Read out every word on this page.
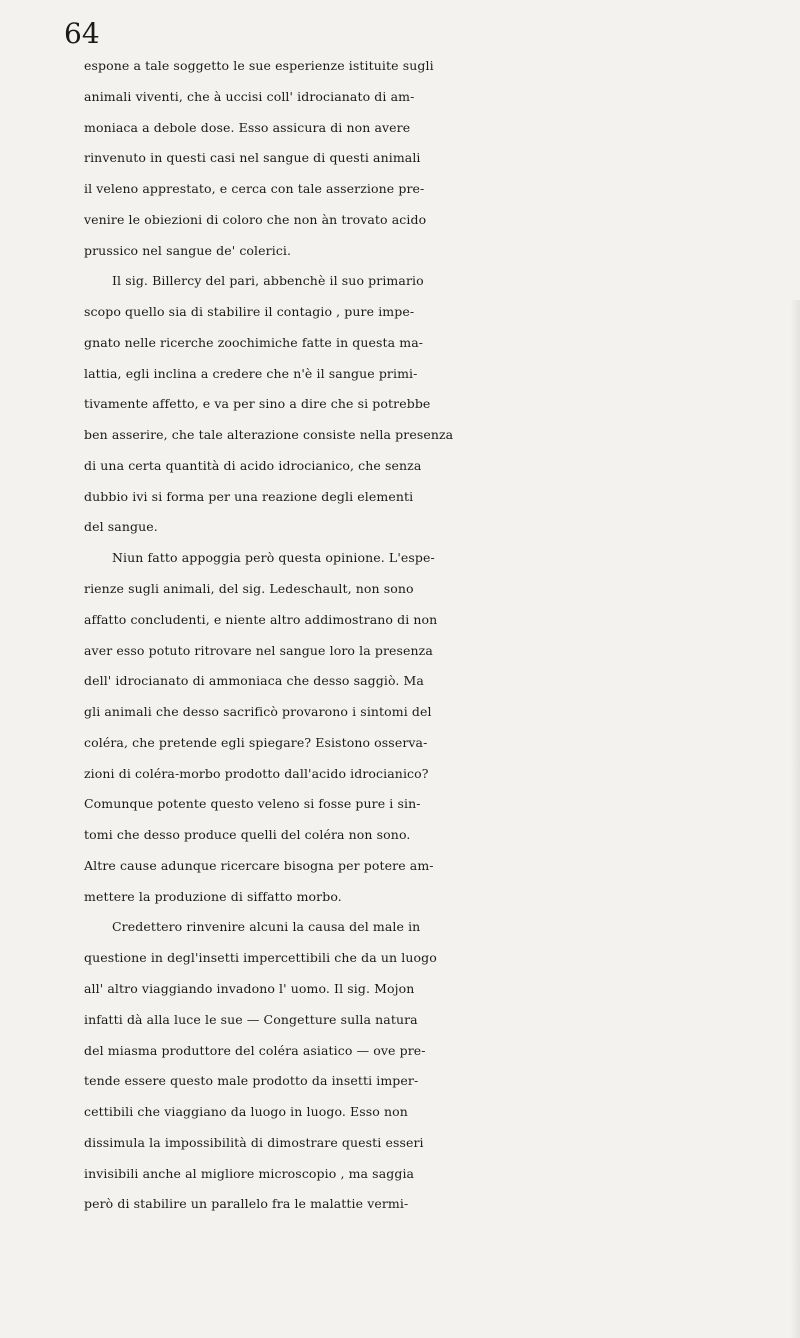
64
espone a tale soggetto le sue esperienze istituite sugli
animali viventi, che à uccisi coll' idrocianato di am-
moniaca a debole dose. Esso assicura di non avere
rinvenuto in questi casi nel sangue di questi animali
il veleno apprestato, e cerca con tale asserzione pre-
venire le obiezioni di coloro che non àn trovato acido
prussico nel sangue de' colerici.
Il sig. Billercy del pari, abbenchè il suo primario
scopo quello sia di stabilire il contagio , pure impe-
gnato nelle ricerche zoochimiche fatte in questa ma-
lattia, egli inclina a credere che n'è il sangue primi-
tivamente affetto, e va per sino a dire che si potrebbe
ben asserire, che tale alterazione consiste nella presenza
di una certa quantità di acido idrocianico, che senza
dubbio ivi si forma per una reazione degli elementi
del sangue.
Niun fatto appoggia però questa opinione. L'espe-
rienze sugli animali, del sig. Ledeschault, non sono
affatto concludenti, e niente altro addimostrano di non
aver esso potuto ritrovare nel sangue loro la presenza
dell' idrocianato di ammoniaca che desso saggiò. Ma
gli animali che desso sacrificò provarono i sintomi del
coléra, che pretende egli spiegare? Esistono osserva-
zioni di coléra-morbo prodotto dall'acido idrocianico?
Comunque potente questo veleno si fosse pure i sin-
tomi che desso produce quelli del coléra non sono.
Altre cause adunque ricercare bisogna per potere am-
mettere la produzione di siffatto morbo.
Credettero rinvenire alcuni la causa del male in
questione in degl'insetti impercettibili che da un luogo
all' altro viaggiando invadono l' uomo. Il sig. Mojon
infatti dà alla luce le sue — Congetture sulla natura
del miasma produttore del coléra asiatico — ove pre-
tende essere questo male prodotto da insetti imper-
cettibili che viaggiano da luogo in luogo. Esso non
dissimula la impossibilità di dimostrare questi esseri
invisibili anche al migliore microscopio , ma saggia
però di stabilire un parallelo fra le malattie vermi-
